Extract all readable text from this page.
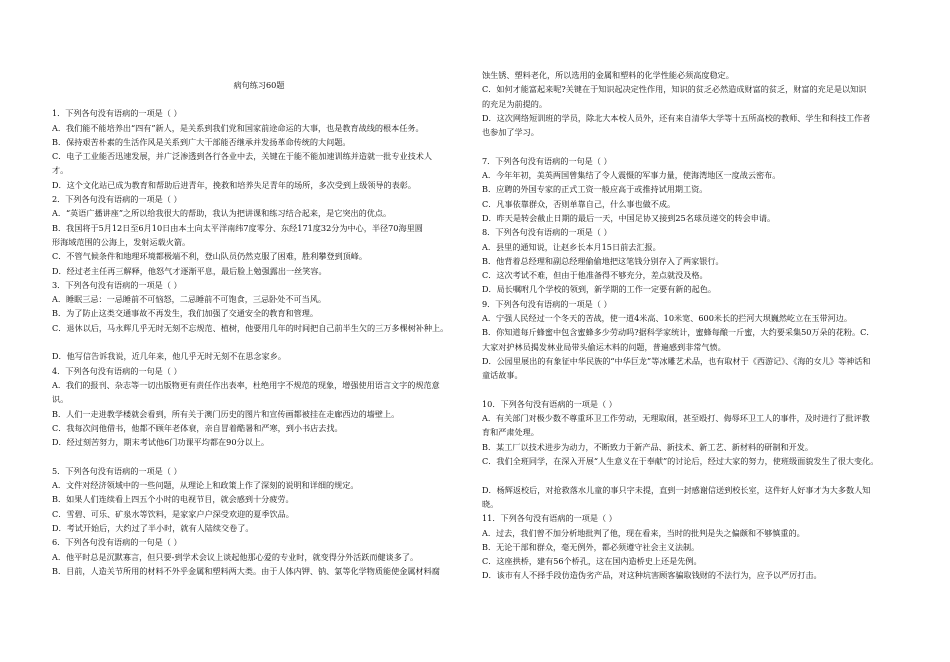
病句练习60题
1．下列各句没有语病的一项是（ ）
A．我们能不能培养出“四有”新人，是关系到我们党和国家前途命运的大事，也是教育战线的根本任务。
B．保持艰苦朴素的生活作风是关系到广大干部能否继承并发扬革命传统的大问题。
C．电子工业能否迅速发展，并广泛渗透到各行各业中去，关键在于能不能加速训练并造就一批专业技术人
才。
D．这个文化站已成为教育和帮助后进青年，挽救和培养失足青年的场所，多次受到上级领导的表彰。
2．下列各句没有语病的一项是（ ）
A．“英语广播讲座”之所以给我很大的帮助，我认为把讲课和练习结合起来，是它突出的优点。
B．我国将于5月12日至6月10日由本土向太平洋南纬7度零分、东经171度32分为中心，半径70海里圆
形海域范围的公海上，发射运载火箭。
C．不管气候条件和地理环境都极端不利，登山队员仍然克服了困难，胜利攀登到顶峰。
D．经过老主任再三解释，他怒气才逐渐平息，最后脸上勉强露出一丝笑容。
3．下列各句没有语病的一项是（ ）
A．睡眠三忌：一忌睡前不可恼怒，二忌睡前不可饱食，三忌卧处不可当风。
B．为了防止这类交通事故不再发生，我们加强了交通安全的教育和管理。
C．退休以后，马永辉几乎无时无刻不忘规范、植树，他要用几年的时间把自己前半生欠的三万多棵树补种上。
D．他写信告诉我说，近几年来，他几乎无时无刻不在思念家乡。
4．下列各句没有语病的一句是（ ）
A．我们的报刊、杂志等一切出版物更有责任作出表率，杜绝用字不规范的现象，增强使用语言文字的规范意
识。
B．人们一走进教学楼就会看到，所有关于澳门历史的图片和宣传画都被挂在走廊西边的墙壁上。
C．我每次问他借书，他都不顾年老体衰，亲自冒着酷暑和严寒，到小书店去找。
D．经过刻苦努力，期末考试他6门功课平均都在90分以上。
5．下列各句没有语病的一项是（ ）
A．文件对经济领域中的一些问题，从理论上和政策上作了深刻的说明和详细的规定。
B．如果人们连续看上四五个小时的电视节目，就会感到十分疲劳。
C．雪碧、可乐、矿泉水等饮料，是家家户户深受欢迎的夏季饮品。
D．考试开始后，大约过了半小时，就有人陆续交卷了。
6．下列各句没有语病的一句是（ ）
A．他平时总是沉默寡言，但只要-到学术会议上谈起他那心爱的专业时，就变得分外活跃而健谈多了。
B．目前，人造关节所用的材料不外乎金属和塑料两大类。由于人体内钾、钠、氯等化学物质能使金属材料腐
蚀生锈、塑料老化，所以选用的金属和塑料的化学性能必须高度稳定。
C．如何才能富起来呢?关键在于知识起决定性作用，知识的贫乏必然造成财富的贫乏，财富的充足是以知识
的充足为前提的。
D．这次网络短训班的学员，除北大本校人员外，还有来自清华大学等十五所高校的教师、学生和科技工作者
也参加了学习。
7．下列各句没有语病的一句是（ ）
A．今年年初，美英两国曾集结了令人震慑的军事力量，使海湾地区一度战云密布。
B．应聘的外国专家的正式工资一般应高于或推持试用期工资。
C．凡事依靠群众，否则单靠自己，什么事也做不成。
D．昨天是转会截止日期的最后一天，中国足协又接到25名球员递交的转会申请。
8．下列各句没有语病的一项是（ ）
A．县里的通知说，让赵乡长本月15日前去汇报。
B．他背着总经理和副总经理偷偷地把这笔钱分别存入了两家银行。
C．这次考试不难，但由于他准备得不够充分，差点就没及格。
D．局长嘱咐几个学校的领到，新学期的工作一定要有新的起色。
9．下列各句没有语病的一项是（ ）
A．宁强人民经过一个冬天的苦战，使一道4米高、10米宽、600米长的拦河大坝巍然屹立在玉带河边。
B．你知道每斤蜂蜜中包含蜜蜂多少劳动吗?据科学家统计，蜜蜂每酿一斤蜜，大约要采集50万朵的花粉。C．
大家对护林员揭发林业局带头偷运木料的问题，普遍感到非常气愤。
D．公园里展出的有象征中华民族的“中华巨龙”等冰雕艺术品，也有取材于《西游记》、《海的女儿》等神话和
童话故事。
10．下列各句没有语病的一项是（ ）
A．有关部门对极少数不尊重环卫工作劳动，无理取闹，甚至殴打、侮辱环卫工人的事件，及时进行了批评教
育和严肃处理。
B．某工厂以技术进步为动力，不断致力于新产品、新技术、新工艺、新材料的研制和开发。
C．我们全班同学，在深入开展“人生意义在于奉献”的讨论后，经过大家的努力，使班级面貌发生了很大变化。
D．杨辉返校后，对抢救落水儿童的事只字未提，直到一封感谢信送到校长室，这件好人好事才为大多数人知
晓。
11．下列各句没有语病的一项是（ ）
A．过去，我们曾不加分析地批判了他，现在看来，当时的批判是失之偏颇和不够慎重的。
B．无论干部和群众，毫无例外，都必须遵守社会主义法制。
C．这座拱桥，建有56个桥孔，这在国内造桥史上还是先例。
D．该市有人不择手段仿造伪劣产品，对这种坑害顾客骗取钱财的不法行为，应予以严厉打击。
